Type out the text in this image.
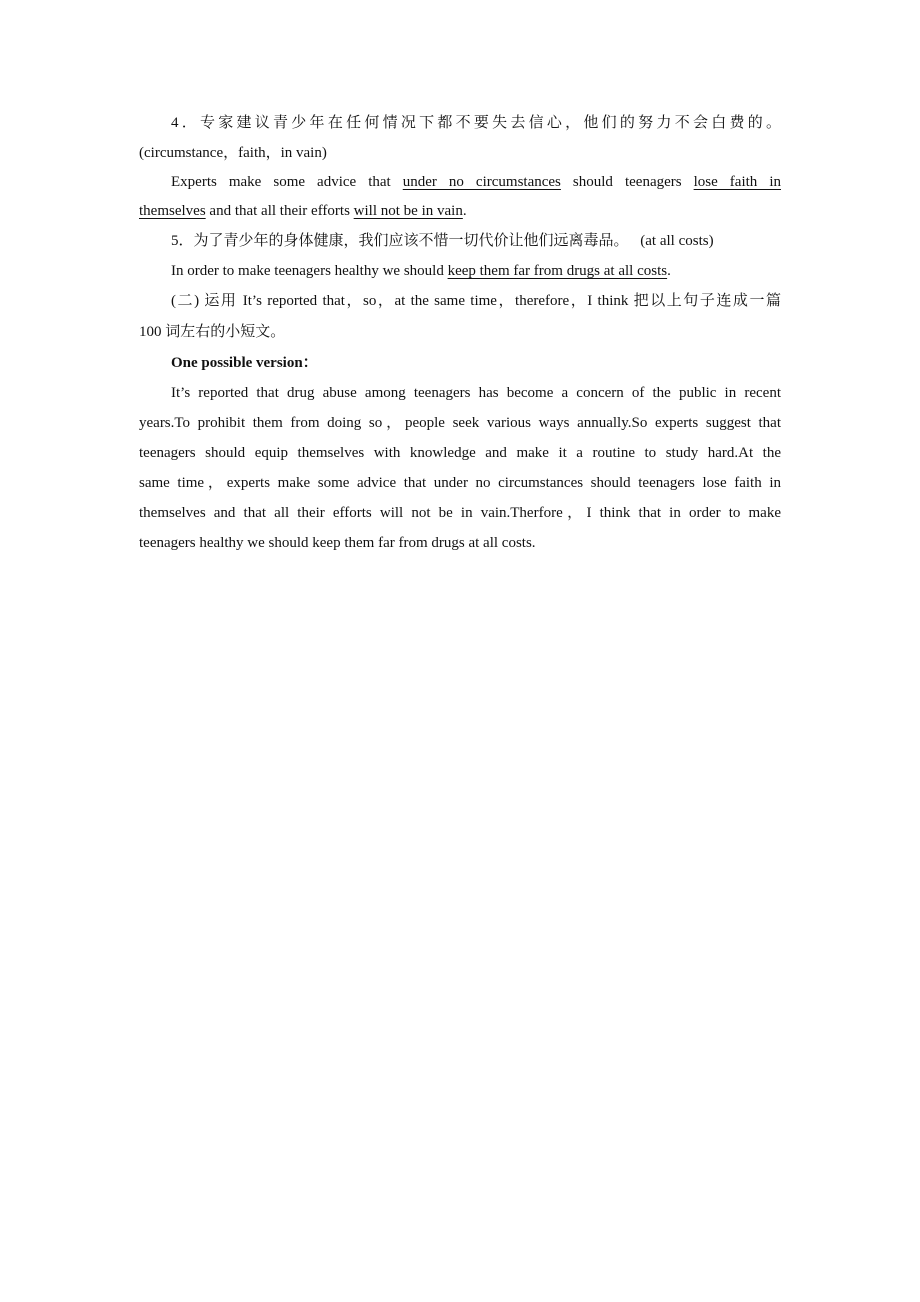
4．专家建议青少年在任何情况下都不要失去信心，他们的努力不会白费的。
(circumstance，faith，in vain)
Experts make some advice that under no circumstances should teenagers lose faith in
themselves and that all their efforts will not be in vain.
5．为了青少年的身体健康，我们应该不惜一切代价让他们远离毒品。 (at all costs)
In order to make teenagers healthy we should keep them far from drugs at all costs.
(二) 运用 It’s reported that，so，at the same time，therefore，I think 把以上句子连成一篇
100 词左右的小短文。
One possible version：
It’s reported that drug abuse among teenagers has become a concern of the public in recent
years.To prohibit them from doing so，people seek various ways annually.So experts suggest that
teenagers should equip themselves with knowledge and make it a routine to study hard.At the
same time，experts make some advice that under no circumstances should teenagers lose faith in
themselves and that all their efforts will not be in vain.Therfore，I think that in order to make
teenagers healthy we should keep them far from drugs at all costs.
